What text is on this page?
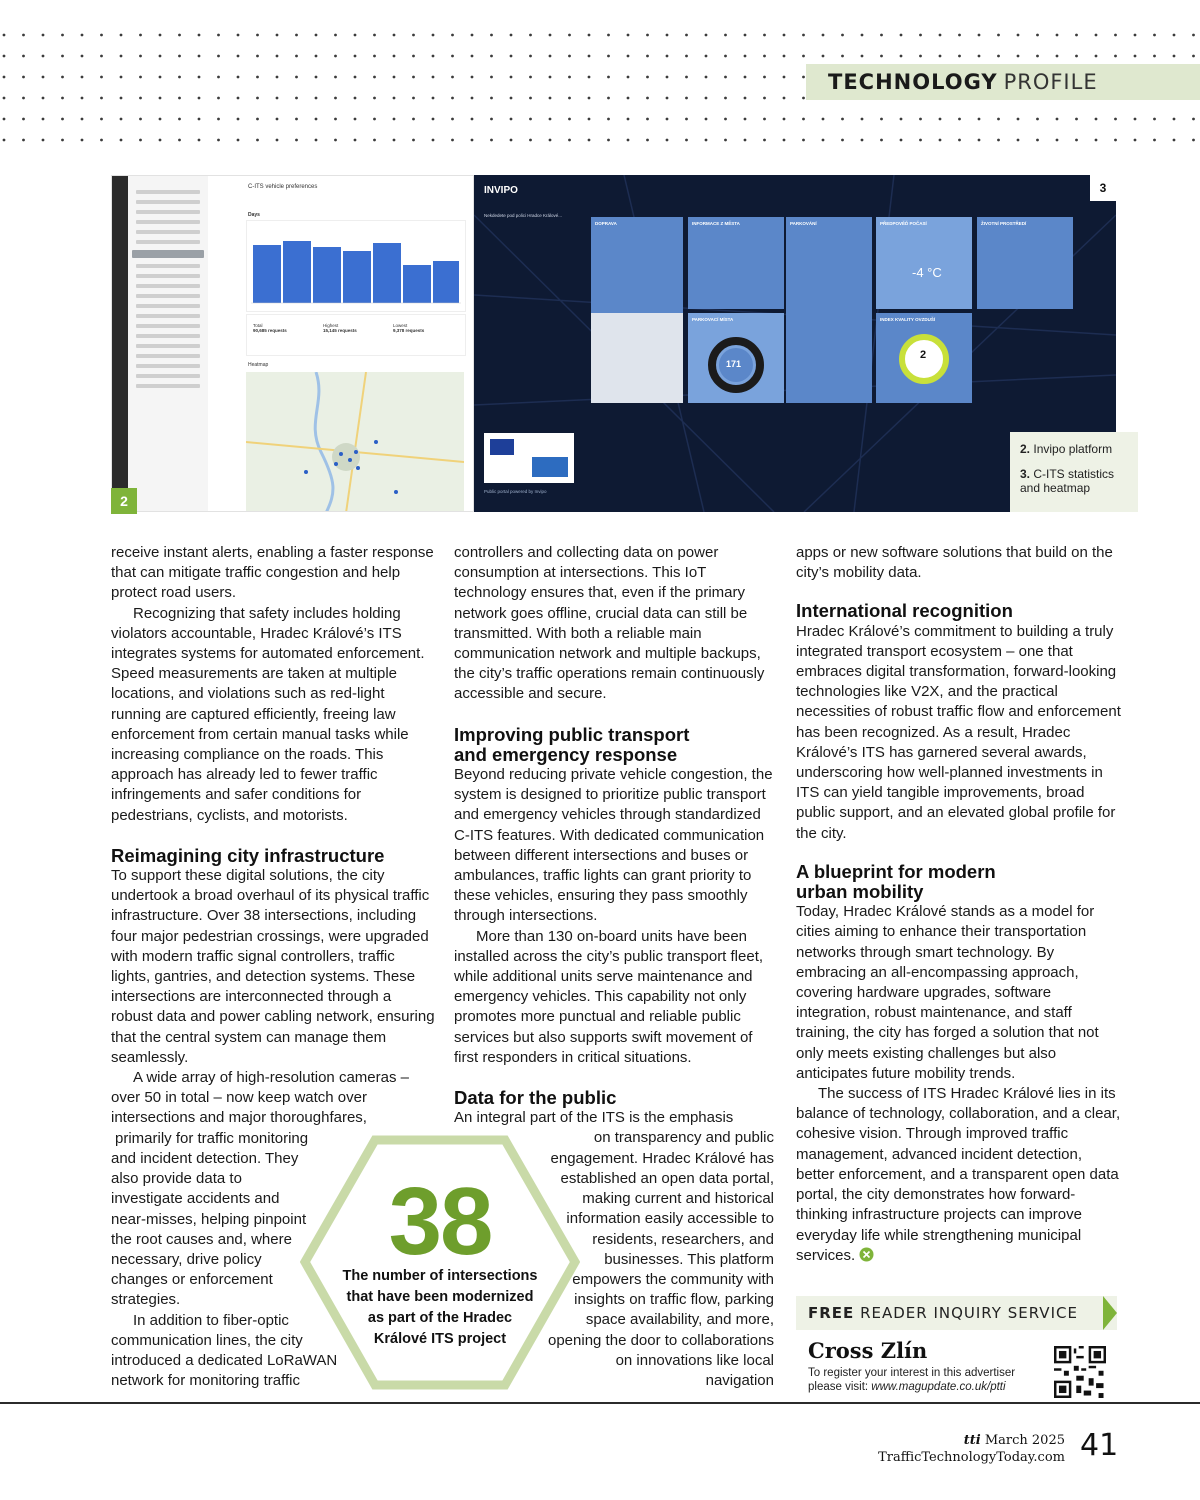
TECHNOLOGY PROFILE
C-ITS vehicle preferences
Days
Total
90,685 requests
Highest
15,145 requests
Lowest
9,378 requests
Heatmap
2
INVIPO
Nekdedete pod polici Hradce Králové...
DOPRAVA	INFORMACE Z MĚSTA
PARKOVACÍ MÍSTA
171
PARKOVÁNÍ	PŘEDPOVĚĎ POČASÍ
-4 °C
INDEX KVALITY OVZDUŠÍ
2
ŽIVOTNÍ PROSTŘEDÍ
Public portal powered by Invipo
3
2. Invipo platform
3. C-ITS statistics and heatmap

receive instant alerts, enabling a faster response that can mitigate traffic congestion and help protect road users.

Recognizing that safety includes holding violators accountable, Hradec Králové’s ITS integrates systems for automated enforcement. Speed measurements are taken at multiple locations, and violations such as red-light running are captured efficiently, freeing law enforcement from certain manual tasks while increasing compliance on the roads. This approach has already led to fewer traffic infringements and safer conditions for pedestrians, cyclists, and motorists.

Reimagining city infrastructure

To support these digital solutions, the city undertook a broad overhaul of its physical traffic infrastructure. Over 38 intersections, including four major pedestrian crossings, were upgraded with modern traffic signal controllers, traffic lights, gantries, and detection systems. These intersections are interconnected through a robust data and power cabling network, ensuring that the central system can manage them seamlessly.

A wide array of high-resolution cameras – over 50 in total – now keep watch over intersections and major thoroughfares,

primarily for traffic monitoring and incident detection. They also provide data to investigate accidents and near-misses, helping pinpoint the root causes and, where necessary, drive policy changes or enforcement strategies.

In addition to fiber-optic communication lines, the city introduced a dedicated LoRaWAN network for monitoring traffic

controllers and collecting data on power consumption at intersections. This IoT technology ensures that, even if the primary network goes offline, crucial data can still be transmitted. With both a reliable main communication network and multiple backups, the city’s traffic operations remain continuously accessible and secure.

Improving public transport and emergency response

Beyond reducing private vehicle congestion, the system is designed to prioritize public transport and emergency vehicles through standardized C-ITS features. With dedicated communication between different intersections and buses or ambulances, traffic lights can grant priority to these vehicles, ensuring they pass smoothly through intersections.

More than 130 on-board units have been installed across the city’s public transport fleet, while additional units serve maintenance and emergency vehicles. This capability not only promotes more punctual and reliable public services but also supports swift movement of first responders in critical situations.

Data for the public

An integral part of the ITS is the emphasis

on transparency and public engagement. Hradec Králové has established an open data portal, making current and historical information easily accessible to residents, researchers, and businesses. This platform empowers the community with insights on traffic flow, parking space availability, and more, opening the door to collaborations on innovations like local navigation

apps or new software solutions that build on the city’s mobility data.

International recognition

Hradec Králové’s commitment to building a truly integrated transport ecosystem – one that embraces digital transformation, forward-looking technologies like V2X, and the practical necessities of robust traffic flow and enforcement has been recognized. As a result, Hradec Králové’s ITS has garnered several awards, underscoring how well-planned investments in ITS can yield tangible improvements, broad public support, and an elevated global profile for the city.

A blueprint for modern urban mobility

Today, Hradec Králové stands as a model for cities aiming to enhance their transportation networks through smart technology. By embracing an all-encompassing approach, covering hardware upgrades, software integration, robust maintenance, and staff training, the city has forged a solution that not only meets existing challenges but also anticipates future mobility trends.

The success of ITS Hradec Králové lies in its balance of technology, collaboration, and a clear, cohesive vision. Through improved traffic management, advanced incident detection, better enforcement, and a transparent open data portal, the city demonstrates how forward-thinking infrastructure projects can improve everyday life while strengthening municipal services.

38
The number of intersections that have been modernized as part of the Hradec Králové ITS project
FREE READER INQUIRY SERVICE
Cross Zlín
To register your interest in this advertiser please visit: www.magupdate.co.uk/ptti
tti March 2025
TrafficTechnologyToday.com 41
